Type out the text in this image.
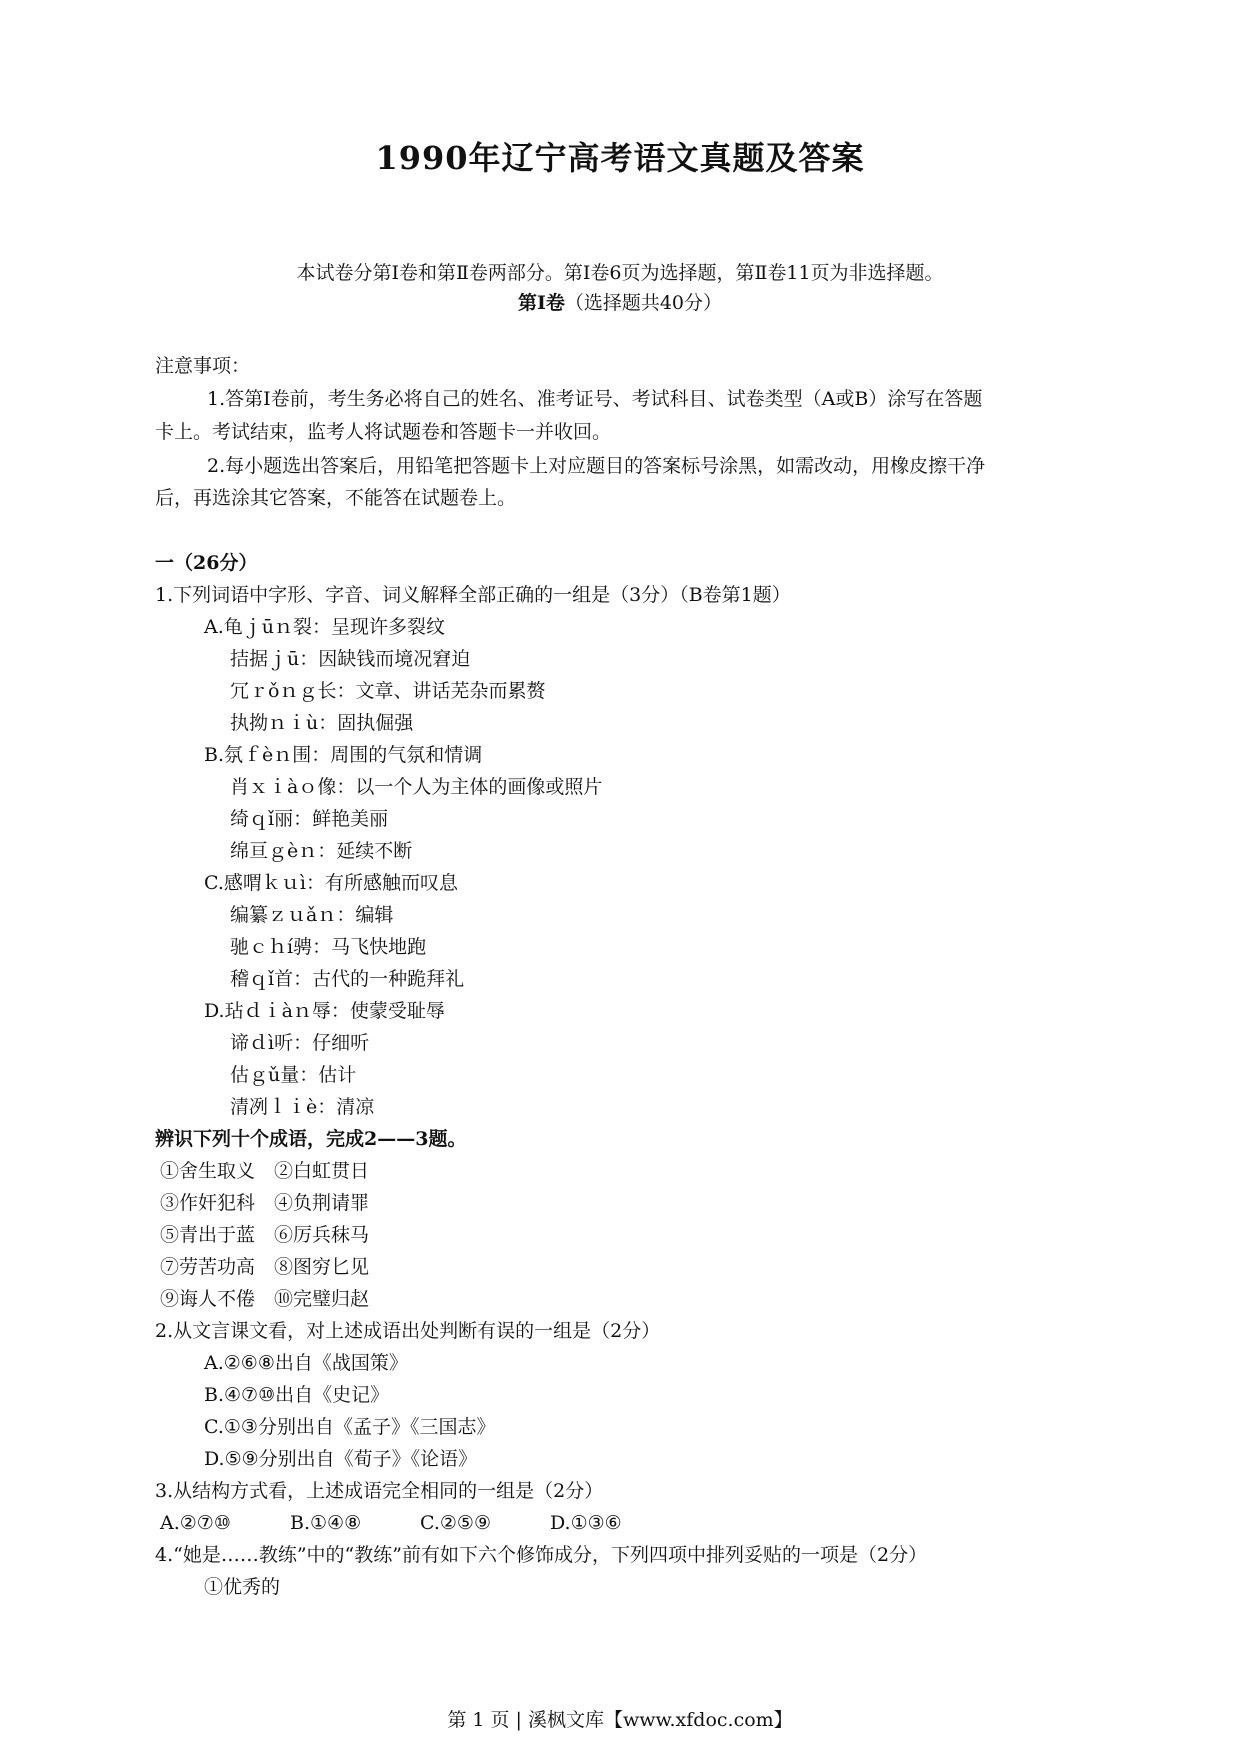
1990年辽宁高考语文真题及答案
本试卷分第Ⅰ卷和第Ⅱ卷两部分。第Ⅰ卷6页为选择题，第Ⅱ卷11页为非选择题。
第Ⅰ卷（选择题共40分）
注意事项：
1.答第Ⅰ卷前，考生务必将自己的姓名、准考证号、考试科目、试卷类型（A或B）涂写在答题
卡上。考试结束，监考人将试题卷和答题卡一并收回。
2.每小题选出答案后，用铅笔把答题卡上对应题目的答案标号涂黑，如需改动，用橡皮擦干净
后，再选涂其它答案，不能答在试题卷上。
一（26分）
1.下列词语中字形、字音、词义解释全部正确的一组是（3分）（B卷第1题）
A.龟ｊūｎ裂：呈现许多裂纹
拮据ｊū：因缺钱而境况窘迫
冗ｒǒｎｇ长：文章、讲话芜杂而累赘
执拗ｎｉù：固执倔强
B.氛ｆèｎ围：周围的气氛和情调
肖ｘｉàｏ像：以一个人为主体的画像或照片
绮ｑǐ丽：鲜艳美丽
绵亘ｇèｎ：延续不断
C.感喟ｋｕì：有所感触而叹息
编纂ｚｕǎｎ：编辑
驰ｃｈí骋：马飞快地跑
稽ｑǐ首：古代的一种跪拜礼
D.玷ｄｉàｎ辱：使蒙受耻辱
谛ｄì听：仔细听
估ｇǔ量：估计
清冽ｌｉè：清凉
辨识下列十个成语，完成2——3题。
①舍生取义　②白虹贯日
③作奸犯科　④负荆请罪
⑤青出于蓝　⑥厉兵秣马
⑦劳苦功高　⑧图穷匕见
⑨诲人不倦　⑩完璧归赵
2.从文言课文看，对上述成语出处判断有误的一组是（2分）
A.②⑥⑧出自《战国策》
B.④⑦⑩出自《史记》
C.①③分别出自《孟子》《三国志》
D.⑤⑨分别出自《荀子》《论语》
3.从结构方式看，上述成语完全相同的一组是（2分）
A.②⑦⑩	B.①④⑧	C.②⑤⑨	D.①③⑥
4.“她是……教练”中的“教练”前有如下六个修饰成分，下列四项中排列妥贴的一项是（2分）
①优秀的
第 1 页 | 溪枫文库【www.xfdoc.com】
